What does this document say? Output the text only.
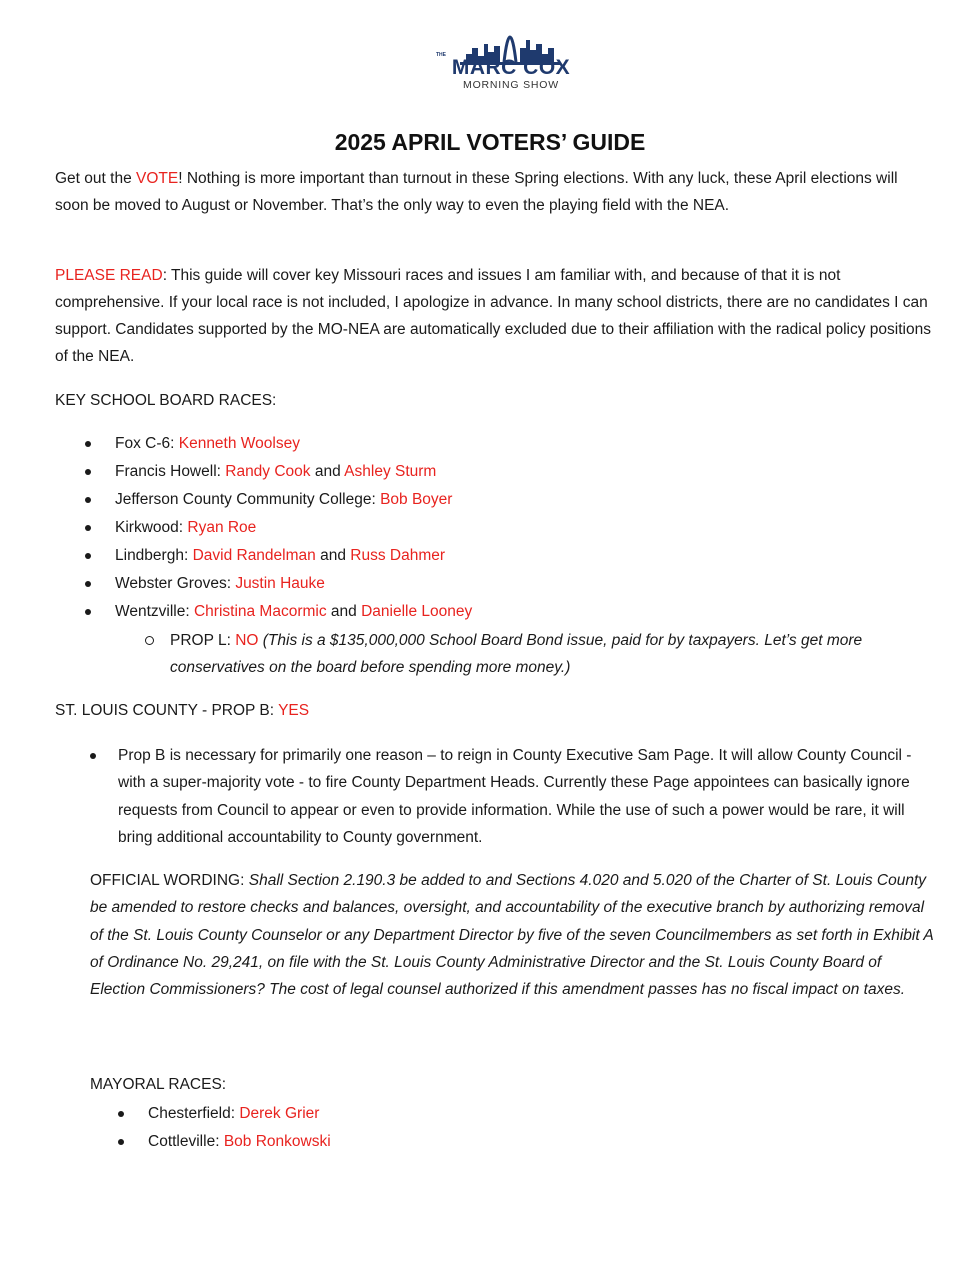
THE
MARC COX
MORNING SHOW
2025 APRIL VOTERS’ GUIDE

Get out the VOTE! Nothing is more important than turnout in these Spring elections. With any luck, these April elections will soon be moved to August or November. That’s the only way to even the playing field with the NEA.

PLEASE READ: This guide will cover key Missouri races and issues I am familiar with, and because of that it is not comprehensive. If your local race is not included, I apologize in advance. In many school districts, there are no candidates I can support. Candidates supported by the MO-NEA are automatically excluded due to their affiliation with the radical policy positions of the NEA.

KEY SCHOOL BOARD RACES:
Fox C-6: Kenneth Woolsey
Francis Howell: Randy Cook and Ashley Sturm
Jefferson County Community College: Bob Boyer
Kirkwood: Ryan Roe
Lindbergh: David Randelman and Russ Dahmer
Webster Groves: Justin Hauke
Wentzville: Christina Macormic and Danielle Looney
PROP L: NO (This is a $135,000,000 School Board Bond issue, paid for by taxpayers. Let’s get more conservatives on the board before spending more money.)
ST. LOUIS COUNTY - PROP B: YES
Prop B is necessary for primarily one reason – to reign in County Executive Sam Page. It will allow County Council - with a super-majority vote - to fire County Department Heads. Currently these Page appointees can basically ignore requests from Council to appear or even to provide information. While the use of such a power would be rare, it will bring additional accountability to County government.
OFFICIAL WORDING: Shall Section 2.190.3 be added to and Sections 4.020 and 5.020 of the Charter of St. Louis County be amended to restore checks and balances, oversight, and accountability of the executive branch by authorizing removal of the St. Louis County Counselor or any Department Director by five of the seven Councilmembers as set forth in Exhibit A of Ordinance No. 29,241, on file with the St. Louis County Administrative Director and the St. Louis County Board of Election Commissioners? The cost of legal counsel authorized if this amendment passes has no fiscal impact on taxes.
MAYORAL RACES:
Chesterfield: Derek Grier
Cottleville: Bob Ronkowski
